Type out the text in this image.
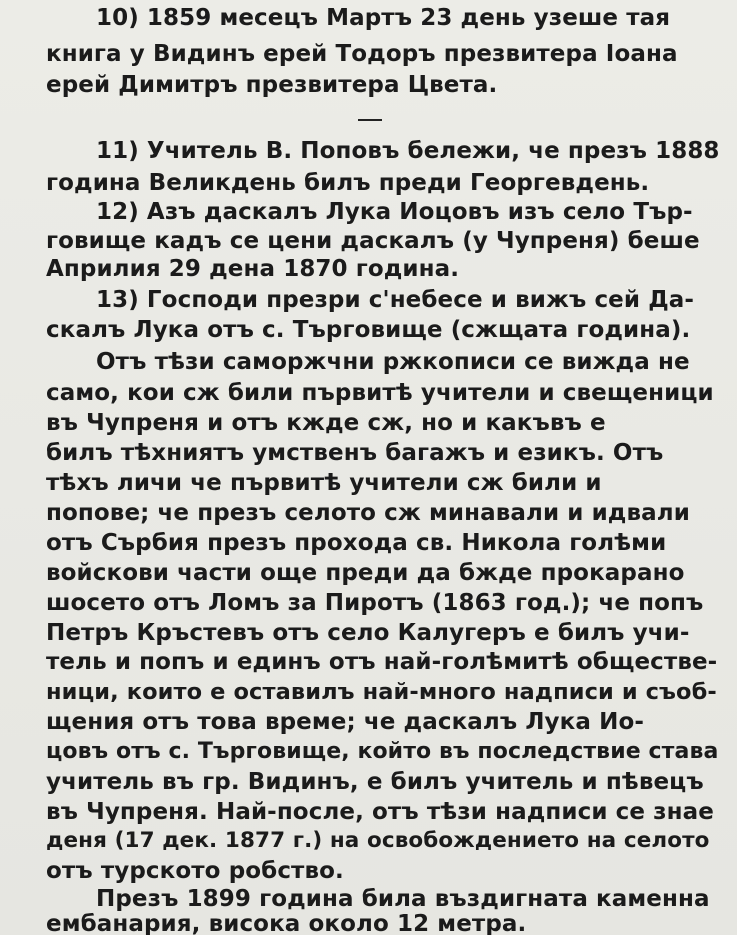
10) 1859 месецъ Мартъ 23 день узеше тая
книга у Видинъ ерей Тодоръ презвитера Іоана
ерей Димитръ презвитера Цвета.
11) Учитель В. Поповъ бележи, че презъ 1888
година Великдень билъ преди Георгевдень.
12) Азъ даскалъ Лука Иоцовъ изъ село Тър-
говище кадъ се цени даскалъ (у Чупреня) беше
Априлия 29 дена 1870 година.
13) Господи презри с'небесе и вижъ сей Да-
скалъ Лука отъ с. Търговище (сжщата година).
Отъ тѣзи саморжчни ржкописи се вижда не
само, кои сж били първитѣ учители и свещеници
въ Чупреня и отъ кжде сж, но и какъвъ е
билъ тѣхниятъ умственъ багажъ и езикъ. Отъ
тѣхъ личи че първитѣ учители сж били и
попове; че презъ селото сж минавали и идвали
отъ Сърбия презъ прохода св. Никола голѣми
войскови части още преди да бжде прокарано
шосето отъ Ломъ за Пиротъ (1863 год.); че попъ
Петръ Кръстевъ отъ село Калугеръ е билъ учи-
тель и попъ и единъ отъ най-голѣмитѣ обществе-
ници, които е оставилъ най-много надписи и съоб-
щения отъ това време; че даскалъ Лука Ио-
цовъ отъ с. Търговище, който въ последствие става
учитель въ гр. Видинъ, е билъ учитель и пѣвецъ
въ Чупреня. Най-после, отъ тѣзи надписи се знае
деня (17 дек. 1877 г.) на освобождението на селото
отъ турското робство.
Презъ 1899 година била въздигната каменна
ембанария, висока около 12 метра.
